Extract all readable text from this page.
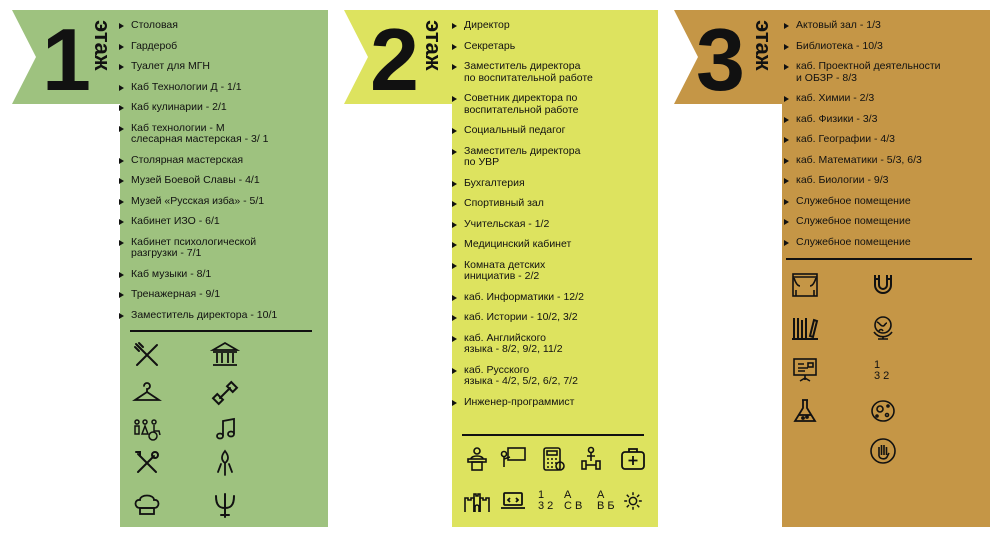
1 этаж	Столовая
Гардероб
Туалет для МГН
Каб Технологии Д - 1/1
Каб кулинарии - 2/1
Каб технологии - М
слесарная мастерская - 3/ 1
Столярная мастерская
Музей Боевой Славы - 4/1
Музей «Русская изба» - 5/1
Кабинет ИЗО - 6/1
Кабинет психологической
разгрузки - 7/1
Каб музыки - 8/1
Тренажерная - 9/1
Заместитель директора - 10/1
2 этаж	Директор
Секретарь
Заместитель директора
по воспитательной работе
Советник директора по
воспитательной работе
Социальный педагог
Заместитель директора
по УВР
Бухгалтерия
Спортивный зал
Учительская - 1/2
Медицинский кабинет
Комната детских
инициатив - 2/2
каб. Информатики - 12/2
каб. Истории - 10/2, 3/2
каб. Английского
языка - 8/2, 9/2, 11/2
каб. Русского
языка - 4/2, 5/2, 6/2, 7/2
Инженер-программист
1
3 2
А
С В
А
В Б
3 этаж	Актовый зал - 1/3
Библиотека - 10/3
каб. Проектной деятельности
и ОБЗР - 8/3
каб. Химии - 2/3
каб. Физики - 3/3
каб. Географии - 4/3
каб. Математики - 5/3, 6/3
каб. Биологии - 9/3
Служебное помещение
Служебное помещение
Служебное помещение
1
3 2
